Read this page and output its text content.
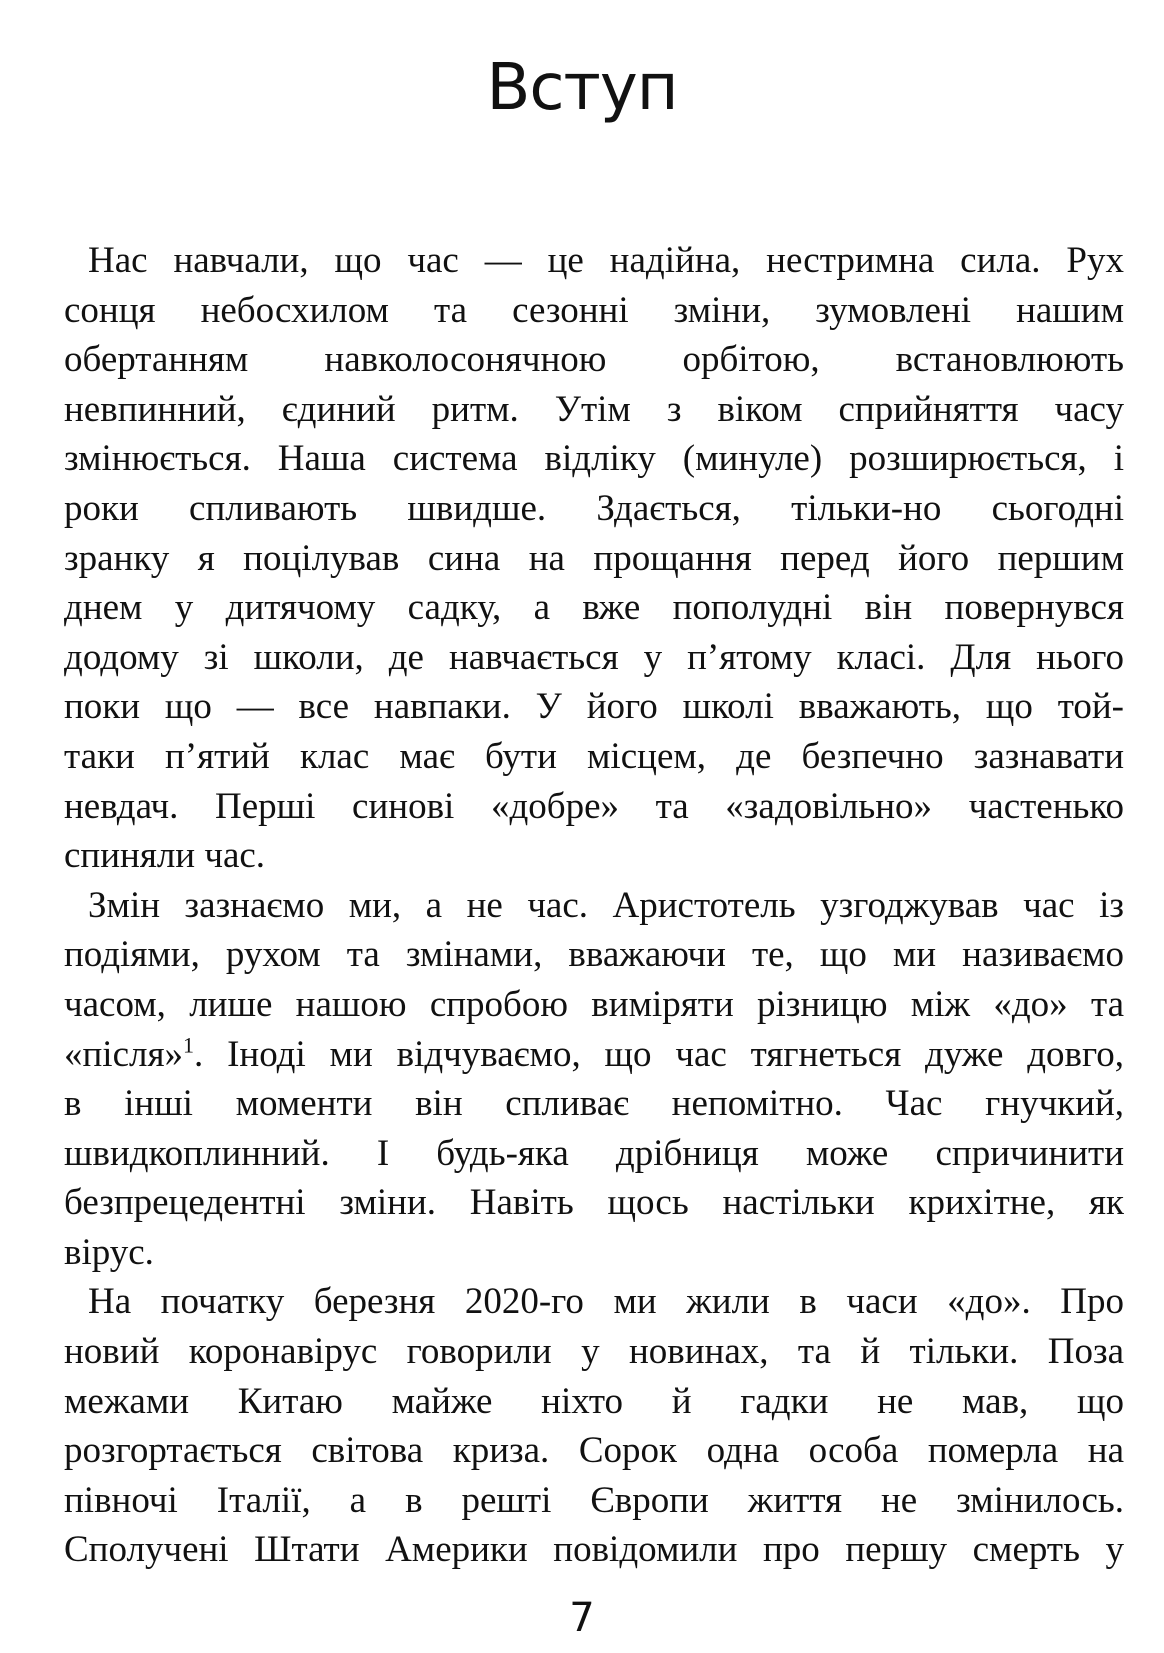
Вступ
Нас навчали, що час — це надійна, нестримна сила. Рух
сонця небосхилом та сезонні зміни, зумовлені нашим
обертанням навколосонячною орбітою, встановлюють
невпинний, єдиний ритм. Утім з віком сприйняття часу
змінюється. Наша система відліку (минуле) розширюється, і
роки спливають швидше. Здається, тільки-но сьогодні
зранку я поцілував сина на прощання перед його першим
днем у дитячому садку, а вже пополудні він повернувся
додому зі школи, де навчається у п’ятому класі. Для нього
поки що — все навпаки. У його школі вважають, що той-
таки п’ятий клас має бути місцем, де безпечно зазнавати
невдач. Перші синові «добре» та «задовільно» частенько
спиняли час.
Змін зазнаємо ми, а не час. Аристотель узгоджував час із
подіями, рухом та змінами, вважаючи те, що ми називаємо
часом, лише нашою спробою виміряти різницю між «до» та
«після»$^1$. Іноді ми відчуваємо, що час тягнеться дуже довго,
в інші моменти він спливає непомітно. Час гнучкий,
швидкоплинний. І будь-яка дрібниця може спричинити
безпрецедентні зміни. Навіть щось настільки крихітне, як
вірус.
На початку березня 2020-го ми жили в часи «до». Про
новий коронавірус говорили у новинах, та й тільки. Поза
межами Китаю майже ніхто й гадки не мав, що
розгортається світова криза. Сорок одна особа померла на
півночі Італії, а в решті Європи життя не змінилось.
Сполучені Штати Америки повідомили про першу смерть у
7
